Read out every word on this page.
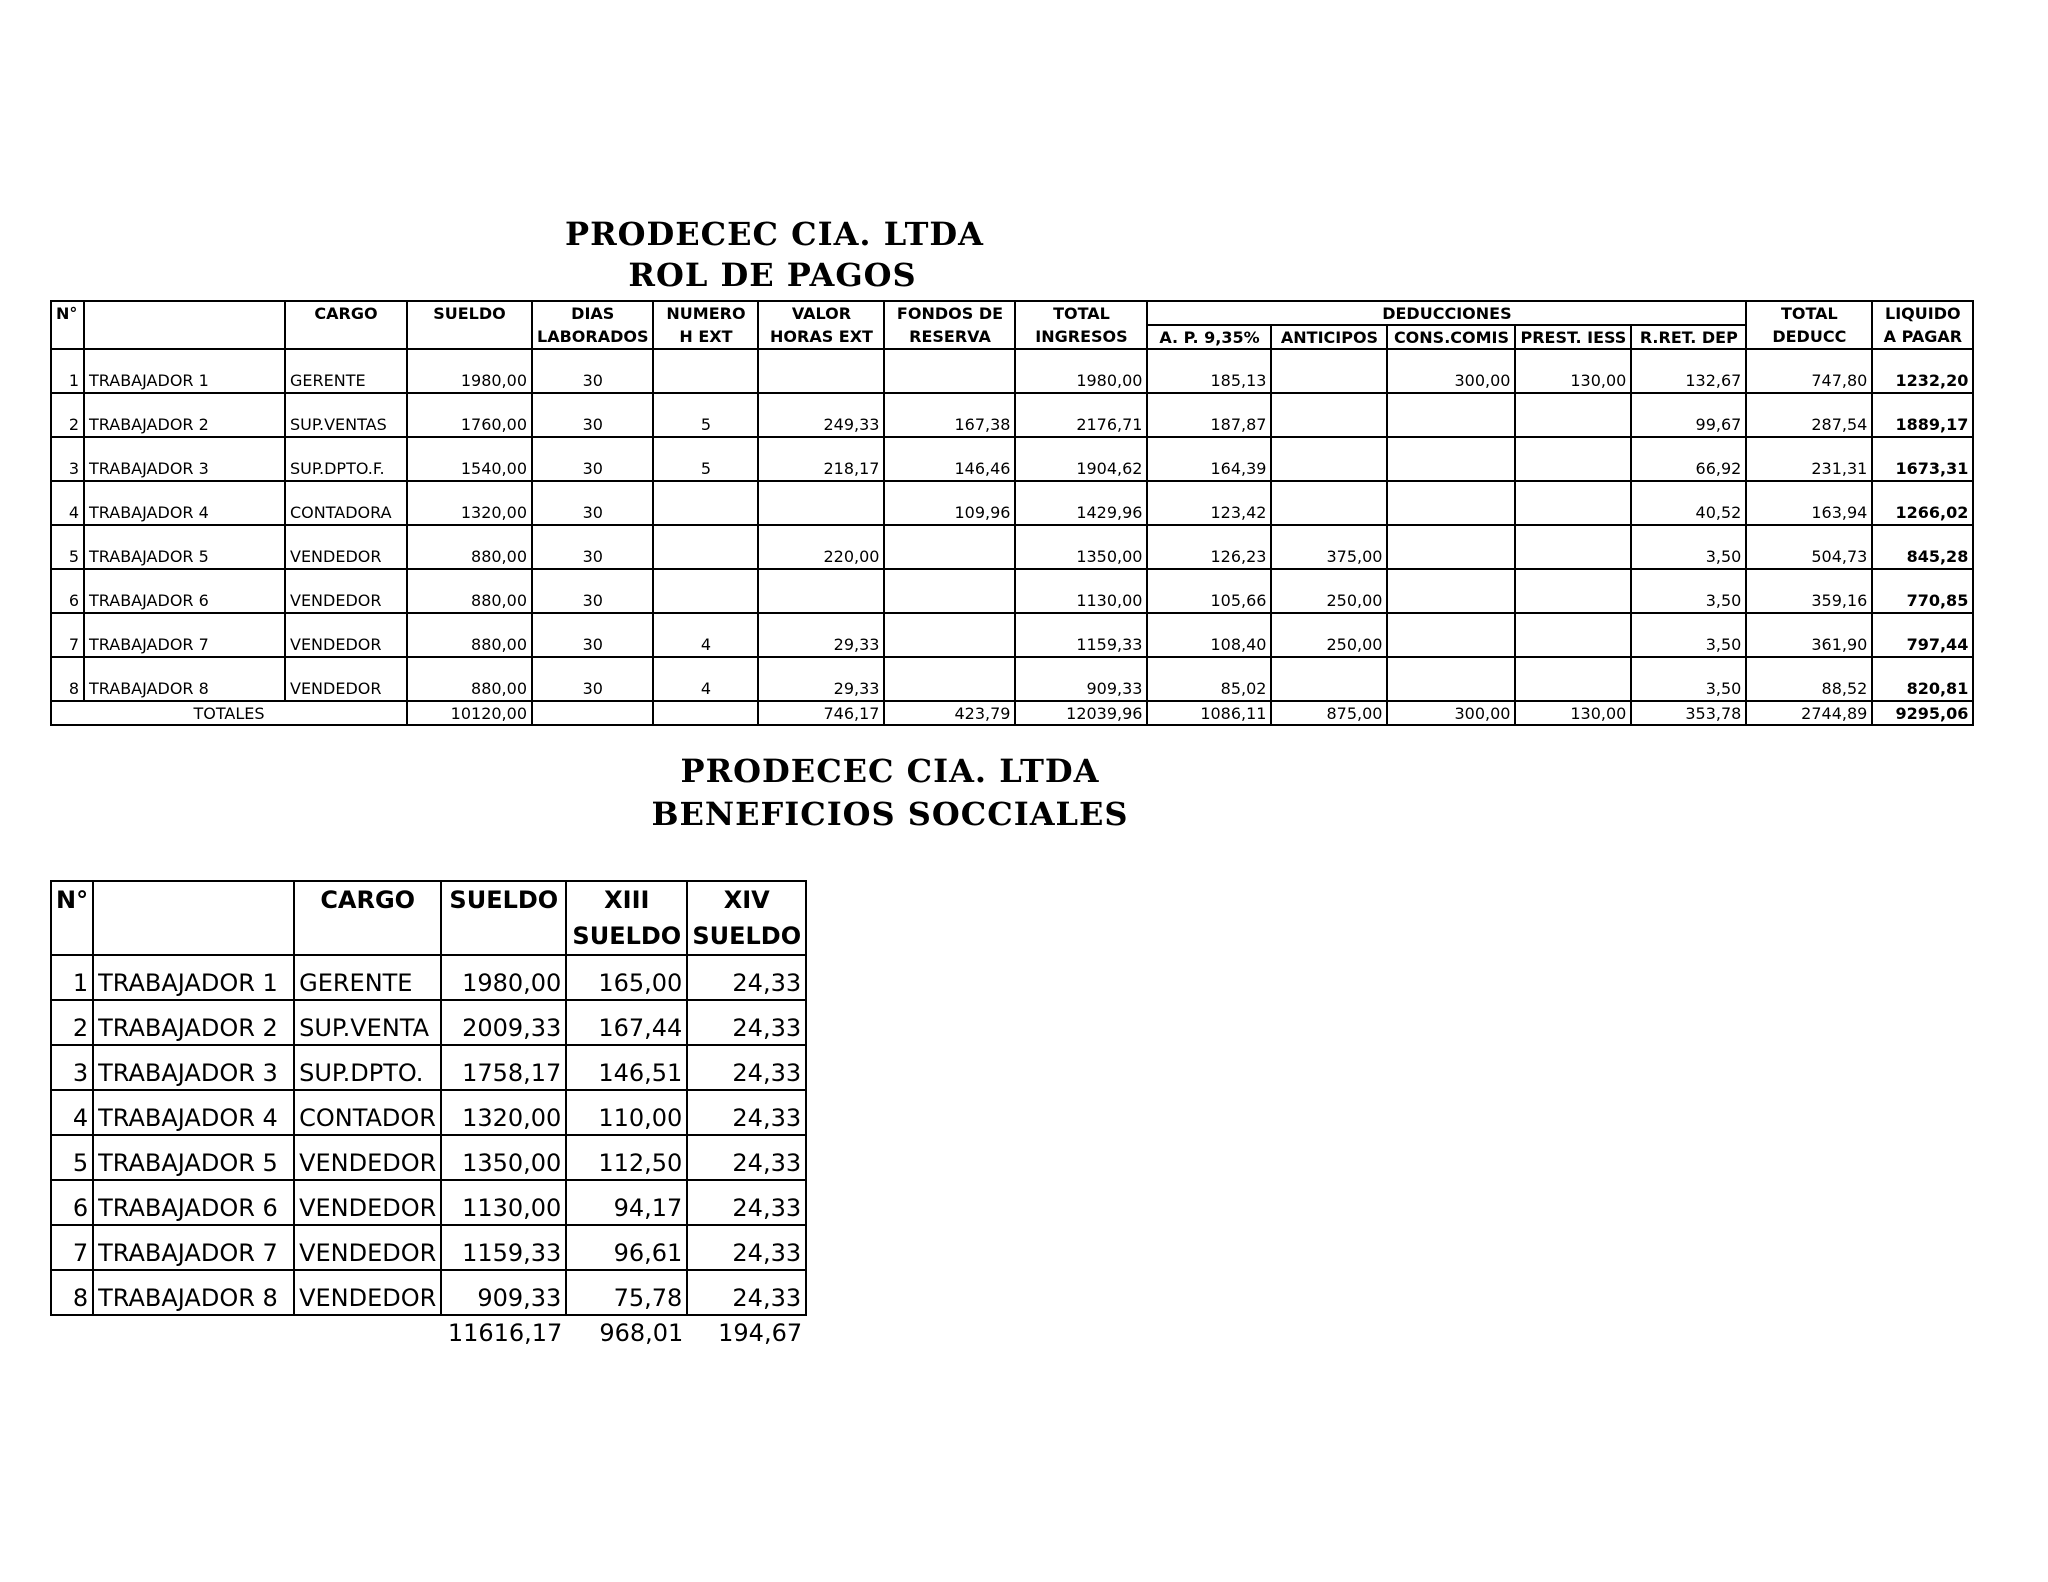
PRODECEC CIA. LTDA
ROL DE PAGOS
N°		CARGO	SUELDO	DIAS	NUMERO	VALOR	FONDOS DE	TOTAL	DEDUCCIONES					TOTAL	LIQUIDO
				LABORADOS	H EXT	HORAS EXT	RESERVA	INGRESOS	A. P. 9,35%	ANTICIPOS	CONS.COMIS	PREST. IESS	R.RET. DEP	DEDUCC	A PAGAR
1	TRABAJADOR 1	GERENTE	1980,00	30				1980,00	185,13		300,00	130,00	132,67	747,80	1232,20
2	TRABAJADOR 2	SUP.VENTAS	1760,00	30	5	249,33	167,38	2176,71	187,87				99,67	287,54	1889,17
3	TRABAJADOR 3	SUP.DPTO.F.	1540,00	30	5	218,17	146,46	1904,62	164,39				66,92	231,31	1673,31
4	TRABAJADOR 4	CONTADORA	1320,00	30			109,96	1429,96	123,42				40,52	163,94	1266,02
5	TRABAJADOR 5	VENDEDOR	880,00	30		220,00		1350,00	126,23	375,00			3,50	504,73	845,28
6	TRABAJADOR 6	VENDEDOR	880,00	30				1130,00	105,66	250,00			3,50	359,16	770,85
7	TRABAJADOR 7	VENDEDOR	880,00	30	4	29,33		1159,33	108,40	250,00			3,50	361,90	797,44
8	TRABAJADOR 8	VENDEDOR	880,00	30	4	29,33		909,33	85,02				3,50	88,52	820,81
TOTALES			10120,00			746,17	423,79	12039,96	1086,11	875,00	300,00	130,00	353,78	2744,89	9295,06
PRODECEC CIA. LTDA
BENEFICIOS SOCCIALES
N°		CARGO	SUELDO	XIII	XIV
				SUELDO	SUELDO
1	TRABAJADOR 1	GERENTE	1980,00	165,00	24,33
2	TRABAJADOR 2	SUP.VENTA	2009,33	167,44	24,33
3	TRABAJADOR 3	SUP.DPTO.	1758,17	146,51	24,33
4	TRABAJADOR 4	CONTADOR	1320,00	110,00	24,33
5	TRABAJADOR 5	VENDEDOR	1350,00	112,50	24,33
6	TRABAJADOR 6	VENDEDOR	1130,00	94,17	24,33
7	TRABAJADOR 7	VENDEDOR	1159,33	96,61	24,33
8	TRABAJADOR 8	VENDEDOR	909,33	75,78	24,33
			11616,17	968,01	194,67
